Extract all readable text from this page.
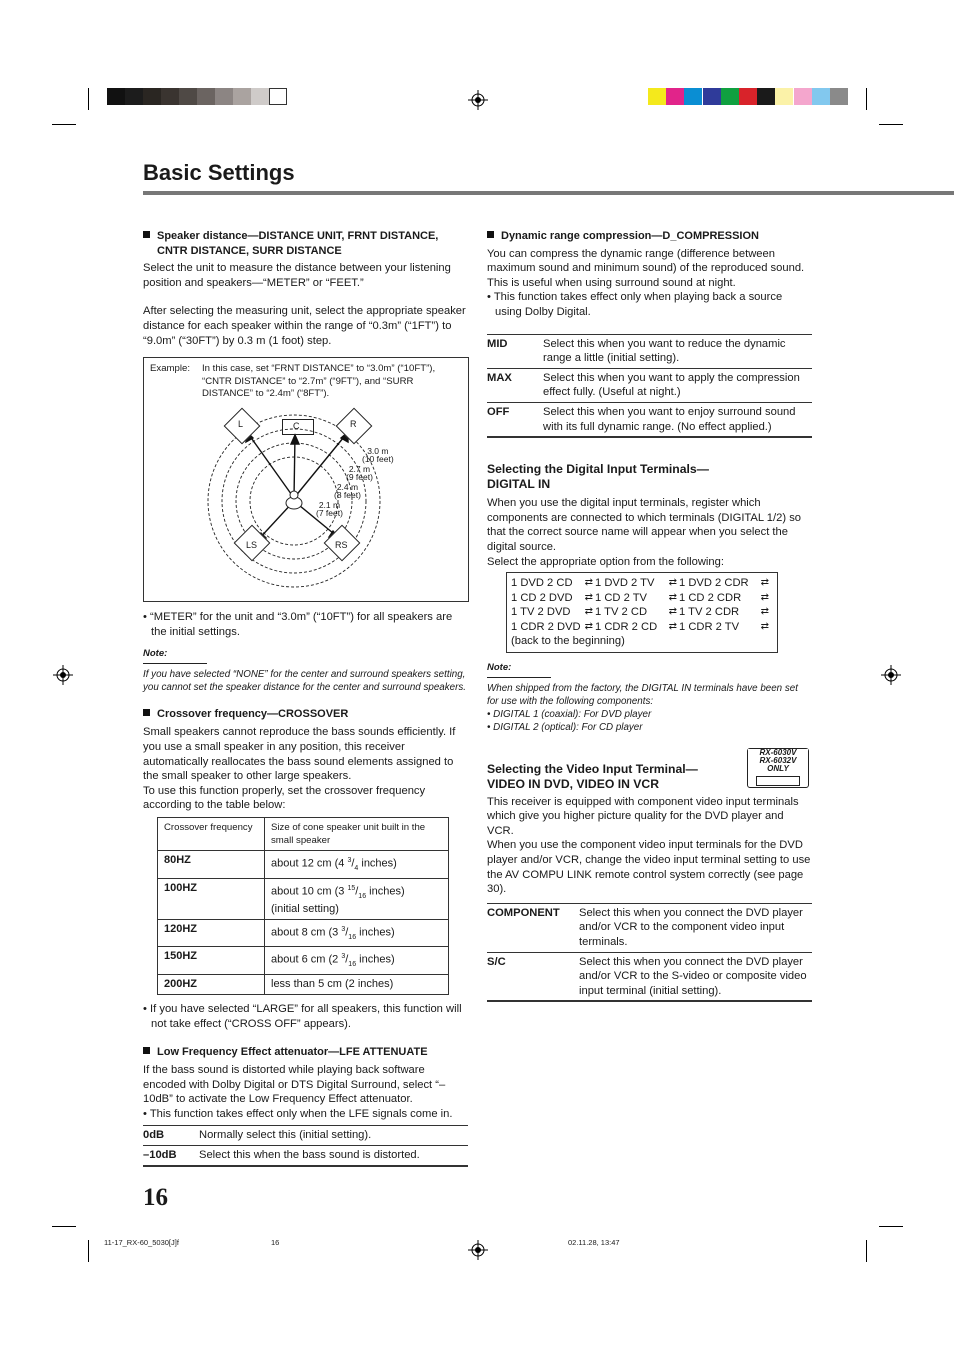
Basic Settings
Speaker distance—DISTANCE UNIT, FRNT DISTANCE,
CNTR DISTANCE, SURR DISTANCE

Select the unit to measure the distance between your listening position and speakers—“METER” or “FEET.”

After selecting the measuring unit, select the appropriate speaker distance for each speaker within the range of “0.3m” (“1FT”) to “9.0m” (“30FT”) by 0.3 m (1 foot) step.

Example: In this case, set “FRNT DISTANCE” to “3.0m” (“10FT”), “CNTR DISTANCE” to “2.7m” (“9FT”), and “SURR DISTANCE” to “2.4m” (“8FT”).
L	C	R
LS	RS
3.0 m
(10 feet)
2.7 m
(9 feet)
2.4 m
(8 feet)
2.1 m
(7 feet)

• “METER” for the unit and “3.0m” (“10FT”) for all speakers are the initial settings.

Note:
If you have selected “NONE” for the center and surround speakers setting, you cannot set the speaker distance for the center and surround speakers.
Crossover frequency—CROSSOVER

Small speakers cannot reproduce the bass sounds efficiently. If you use a small speaker in any position, this receiver automatically reallocates the bass sound elements assigned to the small speaker to other large speakers.
To use this function properly, set the crossover frequency according to the table below:

Crossover frequency	Size of cone speaker unit built in the small speaker
80HZ	about 12 cm (4 $^3/_4$ inches)
100HZ	about 10 cm (3 $^{15}/_{16}$ inches)
(initial setting)
120HZ	about 8 cm (3 $^3/_{16}$ inches)
150HZ	about 6 cm (2 $^3/_{16}$ inches)
200HZ	less than 5 cm (2 inches)

• If you have selected “LARGE” for all speakers, this function will not take effect (“CROSS OFF” appears).

Low Frequency Effect attenuator—LFE ATTENUATE

If the bass sound is distorted while playing back software encoded with Dolby Digital or DTS Digital Surround, select “–10dB” to activate the Low Frequency Effect attenuator.

• This function takes effect only when the LFE signals come in.

0dB	Normally select this (initial setting).
–10dB	Select this when the bass sound is distorted.
Dynamic range compression—D_COMPRESSION

You can compress the dynamic range (difference between maximum sound and minimum sound) of the reproduced sound. This is useful when using surround sound at night.

• This function takes effect only when playing back a source using Dolby Digital.

MID	Select this when you want to reduce the dynamic range a little (initial setting).
MAX	Select this when you want to apply the compression effect fully. (Useful at night.)
OFF	Select this when you want to enjoy surround sound with its full dynamic range. (No effect applied.)
Selecting the Digital Input Terminals—
DIGITAL IN

When you use the digital input terminals, register which components are connected to which terminals (DIGITAL 1/2) so that the correct source name will appear when you select the digital source.
Select the appropriate option from the following:

1 DVD 2 CD ⇄ 1 DVD 2 TV ⇄ 1 DVD 2 CDR ⇄
1 CD 2 DVD ⇄ 1 CD 2 TV ⇄ 1 CD 2 CDR ⇄
1 TV 2 DVD ⇄ 1 TV 2 CD ⇄ 1 TV 2 CDR ⇄
1 CDR 2 DVD ⇄ 1 CDR 2 CD ⇄ 1 CDR 2 TV ⇄
(back to the beginning)
Note:
When shipped from the factory, the DIGITAL IN terminals have been set for use with the following components:
• DIGITAL 1 (coaxial): For DVD player
• DIGITAL 2 (optical): For CD player
Selecting the Video Input Terminal—
VIDEO IN DVD, VIDEO IN VCR
RX-6030V
RX-6032V
ONLY

This receiver is equipped with component video input terminals which give you higher picture quality for the DVD player and VCR.
When you use the component video input terminals for the DVD player and/or VCR, change the video input terminal setting to use the AV COMPU LINK remote control system correctly (see page 30).

COMPONENT	Select this when you connect the DVD player and/or VCR to the component video input terminals.
S/C	Select this when you connect the DVD player and/or VCR to the S-video or composite video input terminal (initial setting).
16
11-17_RX-60_5030[J]f	16	02.11.28, 13:47
